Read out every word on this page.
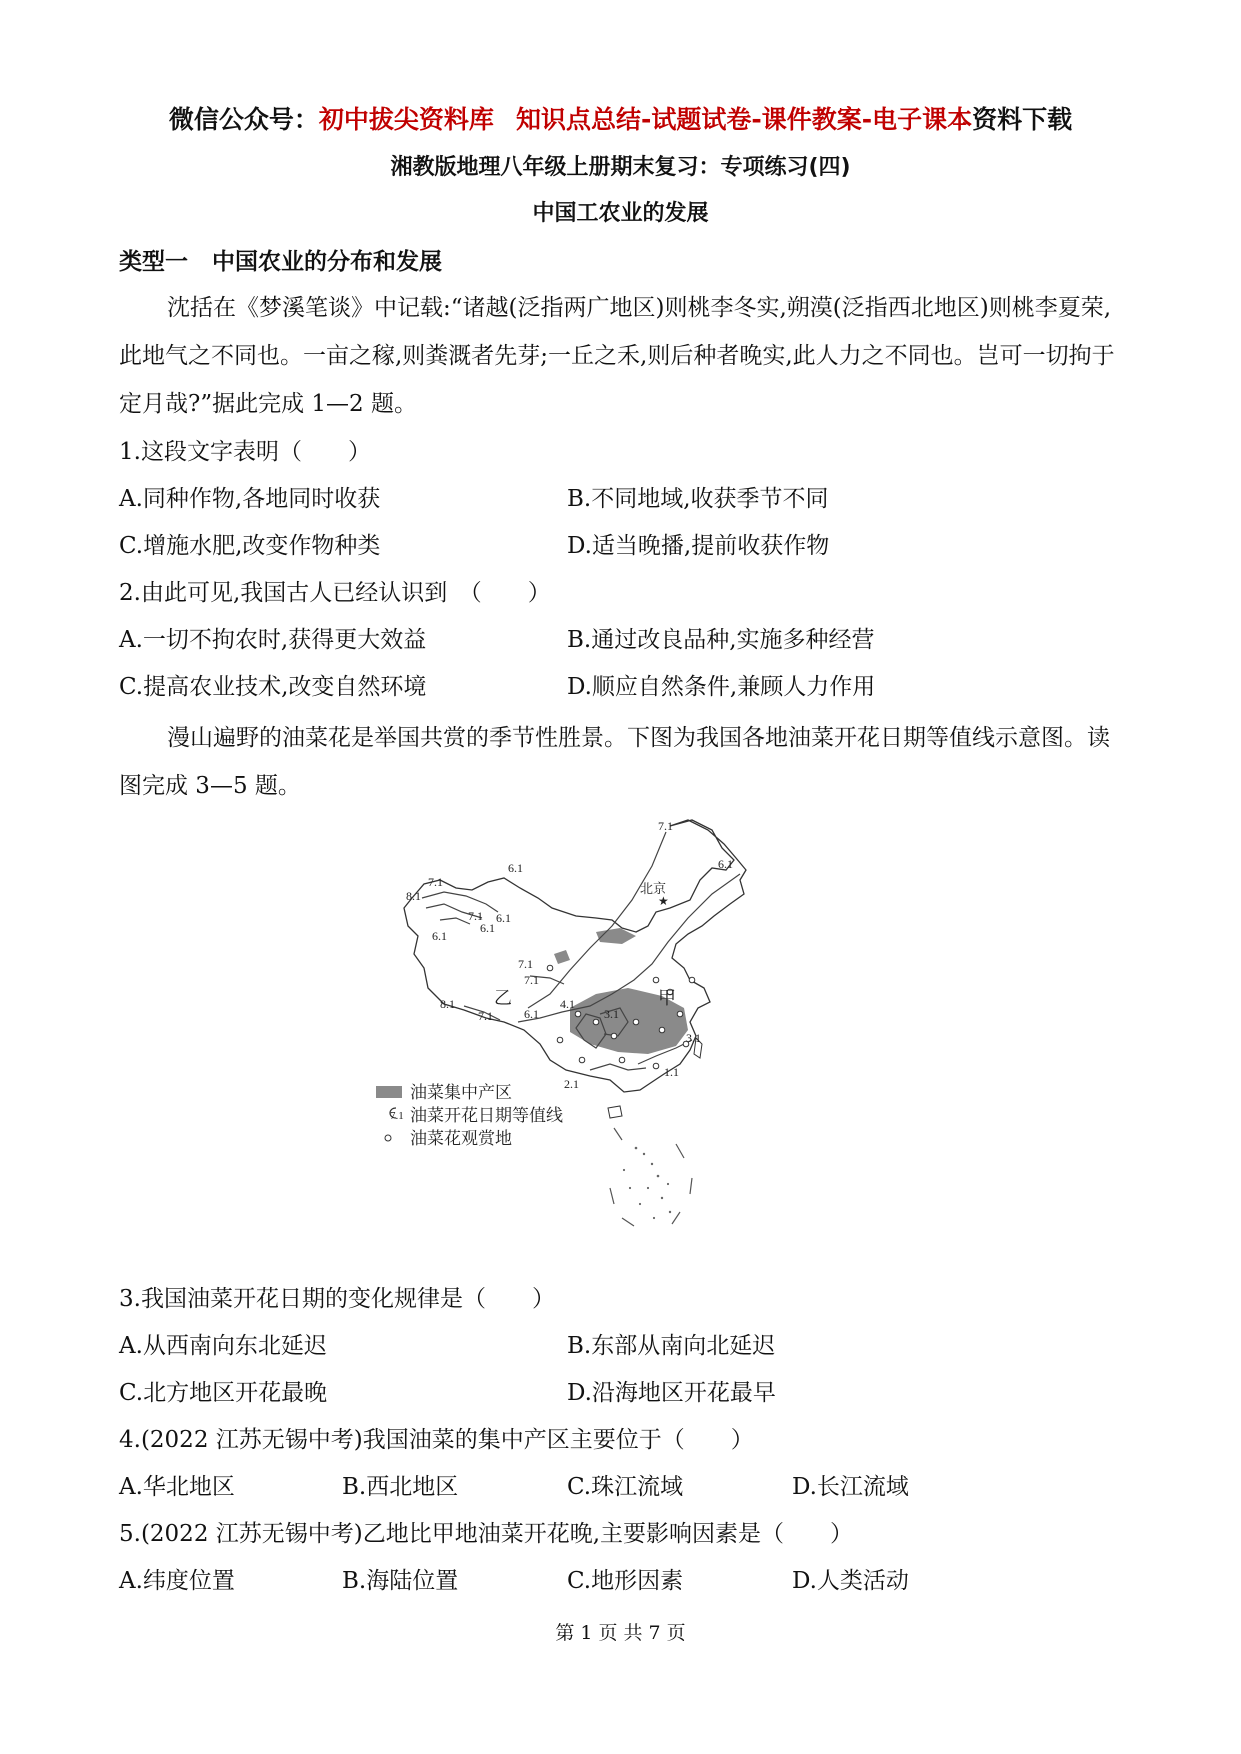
微信公众号：初中拔尖资料库 知识点总结-试题试卷-课件教案-电子课本资料下载
湘教版地理八年级上册期末复习：专项练习(四)
中国工农业的发展
类型一 中国农业的分布和发展
沈括在《梦溪笔谈》中记载:“诸越(泛指两广地区)则桃李冬实,朔漠(泛指西北地区)则桃李夏荣,此地气之不同也。一亩之稼,则粪溉者先芽;一丘之禾,则后种者晚实,此人力之不同也。岂可一切拘于定月哉?”据此完成 1—2 题。
1.这段文字表明（　　）
A.同种作物,各地同时收获	B.不同地域,收获季节不同
C.增施水肥,改变作物种类	D.适当晚播,提前收获作物
2.由此可见,我国古人已经认识到　（　　）
A.一切不拘农时,获得更大效益	B.通过改良品种,实施多种经营
C.提高农业技术,改变自然环境	D.顺应自然条件,兼顾人力作用
漫山遍野的油菜花是举国共赏的季节性胜景。下图为我国各地油菜开花日期等值线示意图。读图完成 3—5 题。
★
北京
甲
乙
7.1
6.1
7.1
8.1
7.1
6.1
6.1
6.1
6.1
7.1
7.1
8.1
7.1	6.1
4.1
3.1
3.1
1.1
2.1
油菜集中产区
7.1 油菜开花日期等值线
油菜花观赏地
3.我国油菜开花日期的变化规律是（　　）
A.从西南向东北延迟	B.东部从南向北延迟
C.北方地区开花最晚	D.沿海地区开花最早
4.(2022 江苏无锡中考)我国油菜的集中产区主要位于（　　）
A.华北地区	B.西北地区	C.珠江流域	D.长江流域
5.(2022 江苏无锡中考)乙地比甲地油菜开花晚,主要影响因素是（　　）
A.纬度位置	B.海陆位置	C.地形因素	D.人类活动
第 1 页 共 7 页
